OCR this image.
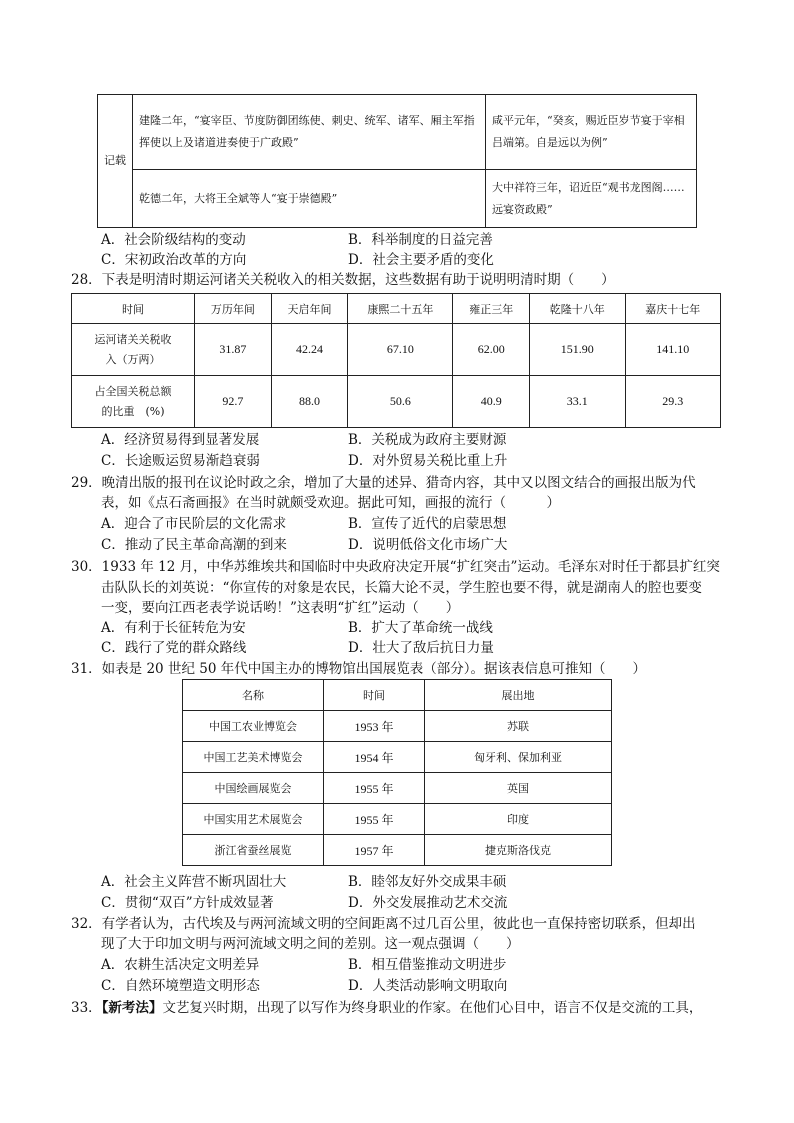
记载	建隆二年，“宴宰臣、节度防御团练使、刺史、统军、诸军、厢主军指挥使以上及诸道进奏使于广政殿”	咸平元年，“癸亥，赐近臣岁节宴于宰相吕端第。自是远以为例”
	乾德二年，大将王全斌等人“宴于崇德殿”	大中祥符三年，诏近臣“观书龙图阁……远宴资政殿”
A．社会阶级结构的变动	B．科举制度的日益完善
C．宋初政治改革的方向	D．社会主要矛盾的变化
28．下表是明清时期运河诸关关税收入的相关数据，这些数据有助于说明明清时期（　　）
时间	万历年间	天启年间	康熙二十五年	雍正三年	乾隆十八年	嘉庆十七年
运河诸关关税收
入（万两）	31.87	42.24	67.10	62.00	151.90	141.10
占全国关税总额
的比重　(%)	92.7	88.0	50.6	40.9	33.1	29.3
A．经济贸易得到显著发展	B．关税成为政府主要财源
C．长途贩运贸易渐趋衰弱	D．对外贸易关税比重上升
29．晚清出版的报刊在议论时政之余，增加了大量的述异、猎奇内容，其中又以图文结合的画报出版为代
表，如《点石斋画报》在当时就颇受欢迎。据此可知，画报的流行（　　　）
A．迎合了市民阶层的文化需求	B．宣传了近代的启蒙思想
C．推动了民主革命高潮的到来	D．说明低俗文化市场广大
30．1933 年 12 月，中华苏维埃共和国临时中央政府决定开展“扩红突击”运动。毛泽东对时任于都县扩红突
击队队长的刘英说：“你宣传的对象是农民，长篇大论不灵，学生腔也要不得，就是湖南人的腔也要变
一变，要向江西老表学说话哟！”这表明“扩红”运动（　　）
A．有利于长征转危为安	B．扩大了革命统一战线
C．践行了党的群众路线	D．壮大了敌后抗日力量
31．如表是 20 世纪 50 年代中国主办的博物馆出国展览表（部分）。据该表信息可推知（　　）
名称	时间	展出地
中国工农业博览会	1953 年	苏联
中国工艺美术博览会	1954 年	匈牙利、保加利亚
中国绘画展览会	1955 年	英国
中国实用艺术展览会	1955 年	印度
浙江省蚕丝展览	1957 年	捷克斯洛伐克
A．社会主义阵营不断巩固壮大	B．睦邻友好外交成果丰硕
C．贯彻“双百”方针成效显著	D．外交发展推动艺术交流
32．有学者认为，古代埃及与两河流域文明的空间距离不过几百公里，彼此也一直保持密切联系，但却出
现了大于印加文明与两河流域文明之间的差别。这一观点强调（　　）
A．农耕生活决定文明差异	B．相互借鉴推动文明进步
C．自然环境塑造文明形态	D．人类活动影响文明取向
33．【新考法】文艺复兴时期，出现了以写作为终身职业的作家。在他们心目中，语言不仅是交流的工具，
